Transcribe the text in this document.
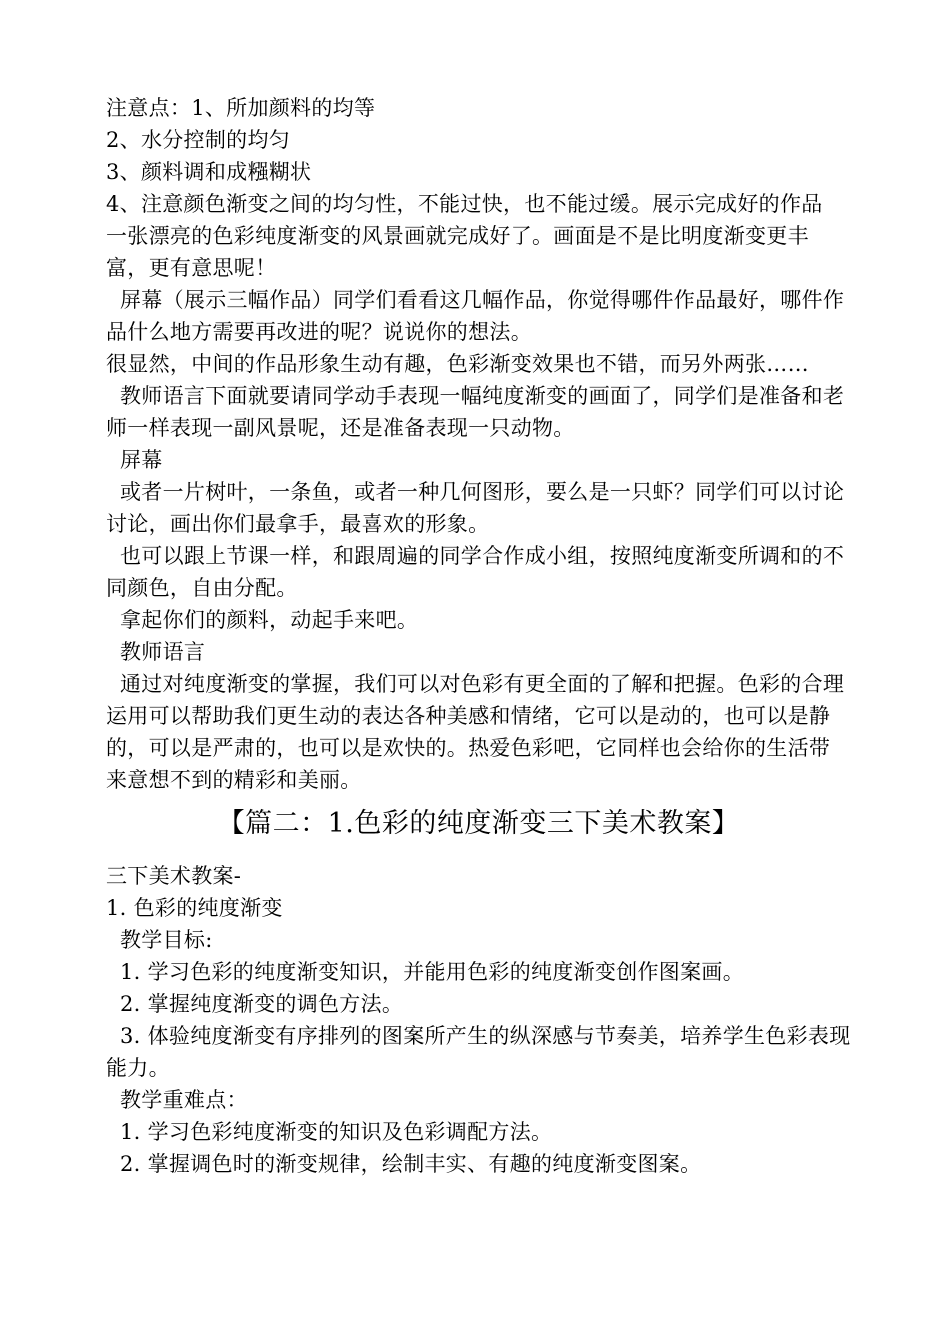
注意点：1、所加颜料的均等

2、水分控制的均匀

3、颜料调和成糨糊状

4、注意颜色渐变之间的均匀性，不能过快，也不能过缓。展示完成好的作品

一张漂亮的色彩纯度渐变的风景画就完成好了。画面是不是比明度渐变更丰富，更有意思呢！

屏幕（展示三幅作品）同学们看看这几幅作品，你觉得哪件作品最好，哪件作品什么地方需要再改进的呢？说说你的想法。

很显然，中间的作品形象生动有趣，色彩渐变效果也不错，而另外两张……

教师语言下面就要请同学动手表现一幅纯度渐变的画面了，同学们是准备和老师一样表现一副风景呢，还是准备表现一只动物。

屏幕

或者一片树叶，一条鱼，或者一种几何图形，要么是一只虾？同学们可以讨论讨论，画出你们最拿手，最喜欢的形象。

也可以跟上节课一样，和跟周遍的同学合作成小组，按照纯度渐变所调和的不同颜色，自由分配。

拿起你们的颜料，动起手来吧。

教师语言

通过对纯度渐变的掌握，我们可以对色彩有更全面的了解和把握。色彩的合理运用可以帮助我们更生动的表达各种美感和情绪，它可以是动的，也可以是静的，可以是严肃的，也可以是欢快的。热爱色彩吧，它同样也会给你的生活带来意想不到的精彩和美丽。

【篇二：1.色彩的纯度渐变三下美术教案】

三下美术教案-

1. 色彩的纯度渐变

教学目标:

1. 学习色彩的纯度渐变知识，并能用色彩的纯度渐变创作图案画。

2. 掌握纯度渐变的调色方法。

3. 体验纯度渐变有序排列的图案所产生的纵深感与节奏美，培养学生色彩表现能力。

教学重难点：

1. 学习色彩纯度渐变的知识及色彩调配方法。

2. 掌握调色时的渐变规律，绘制丰实、有趣的纯度渐变图案。
